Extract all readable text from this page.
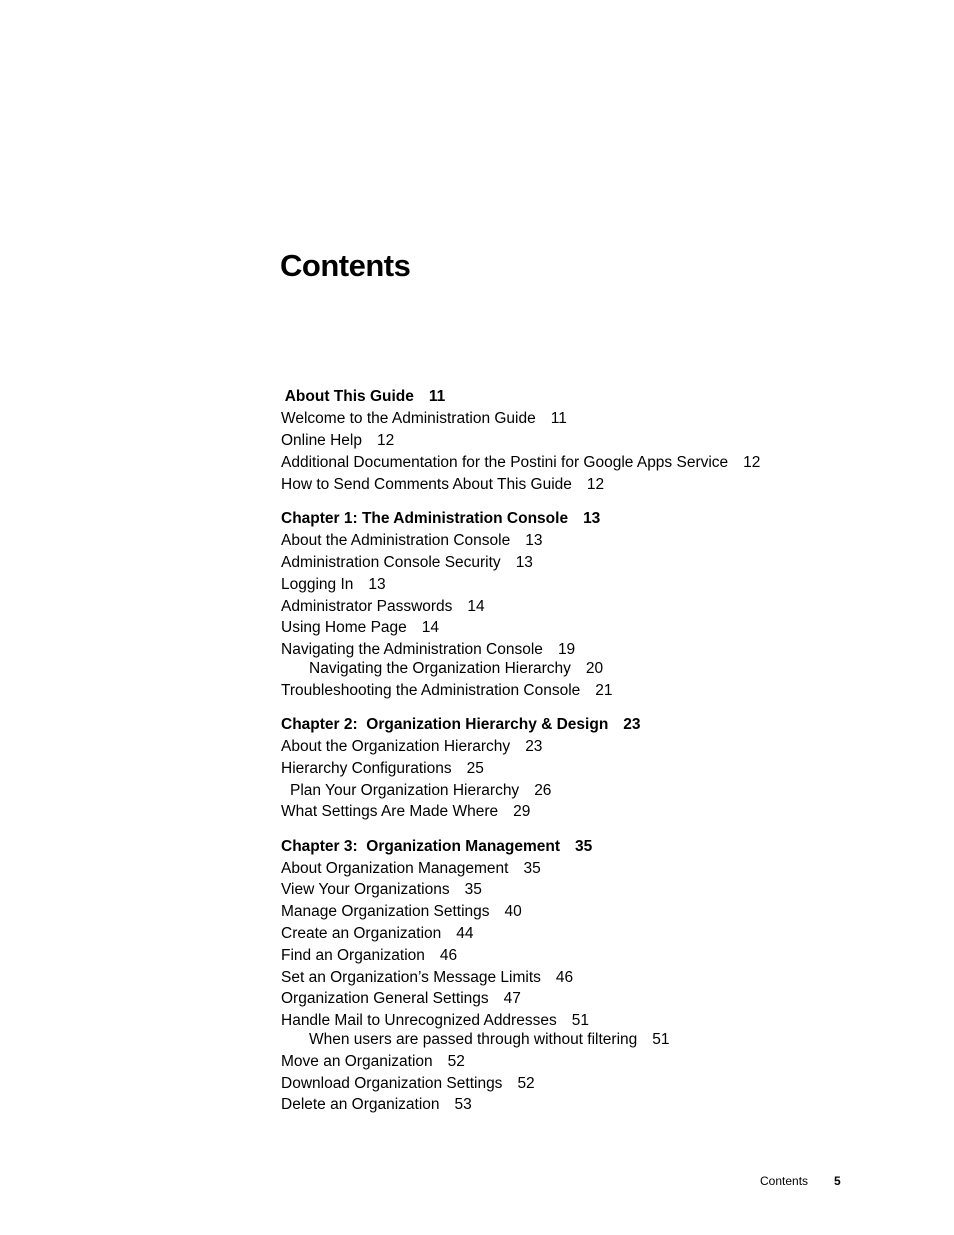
Contents
About This Guide 11
Welcome to the Administration Guide 11
Online Help 12
Additional Documentation for the Postini for Google Apps Service 12
How to Send Comments About This Guide 12
Chapter 1: The Administration Console 13
About the Administration Console 13
Administration Console Security 13
Logging In 13
Administrator Passwords 14
Using Home Page 14
Navigating the Administration Console 19
Navigating the Organization Hierarchy 20
Troubleshooting the Administration Console 21
Chapter 2:  Organization Hierarchy & Design 23
About the Organization Hierarchy 23
Hierarchy Configurations 25
Plan Your Organization Hierarchy 26
What Settings Are Made Where 29
Chapter 3:  Organization Management 35
About Organization Management 35
View Your Organizations 35
Manage Organization Settings 40
Create an Organization 44
Find an Organization 46
Set an Organization’s Message Limits 46
Organization General Settings 47
Handle Mail to Unrecognized Addresses 51
When users are passed through without filtering 51
Move an Organization 52
Download Organization Settings 52
Delete an Organization 53
Contents 5
